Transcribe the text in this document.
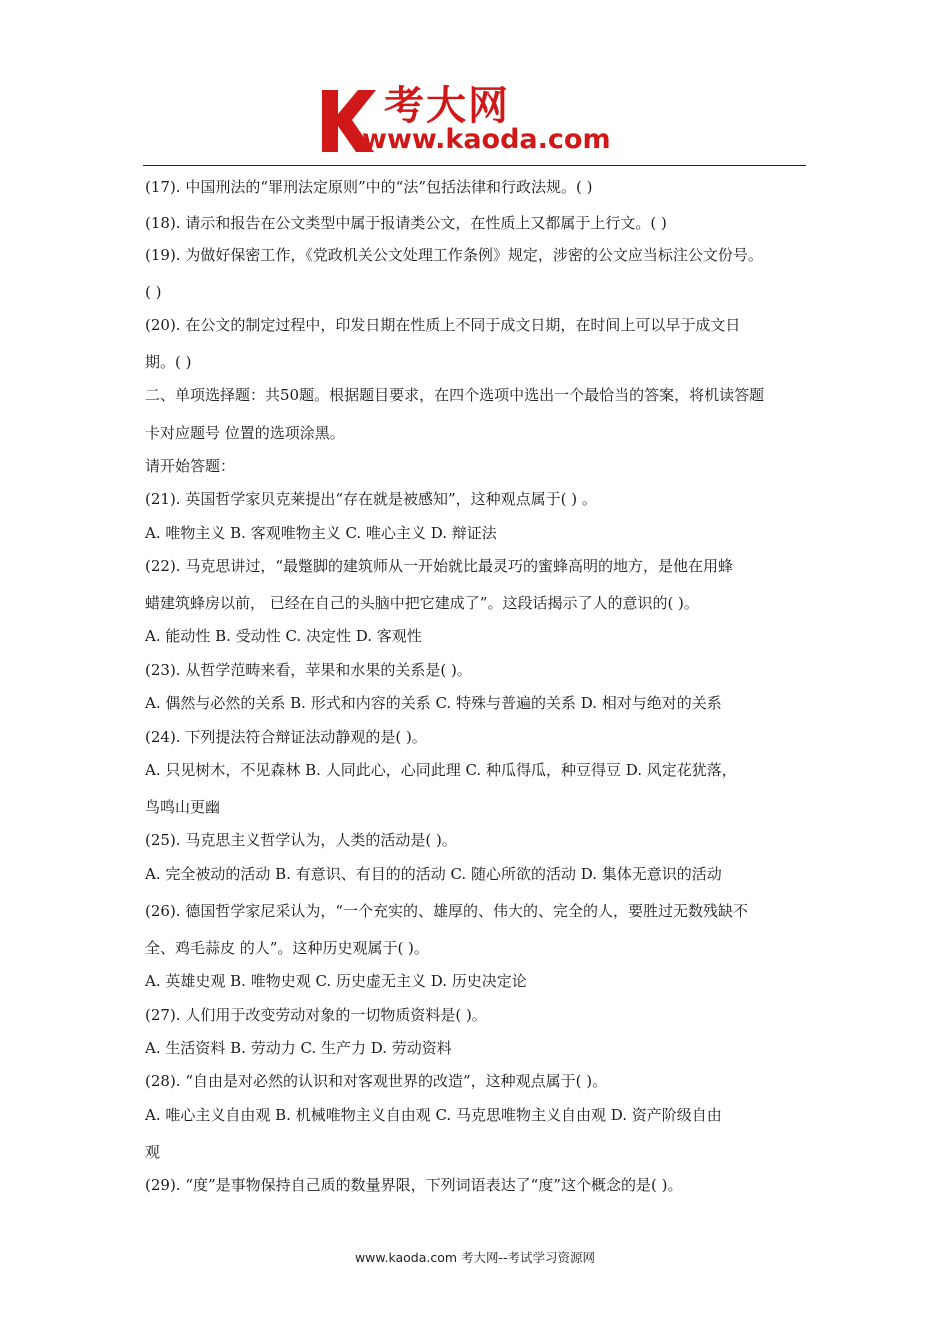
考大网
www.kaoda.com

(17). 中国刑法的“罪刑法定原则”中的“法”包括法律和行政法规。( )

(18). 请示和报告在公文类型中属于报请类公文，在性质上又都属于上行文。( )

(19). 为做好保密工作，《党政机关公文处理工作条例》规定，涉密的公文应当标注公文份号。

( )

(20). 在公文的制定过程中，印发日期在性质上不同于成文日期，在时间上可以早于成文日

期。( )

二、单项选择题：共50题。根据题目要求，在四个选项中选出一个最恰当的答案，将机读答题

卡对应题号 位置的选项涂黑。

请开始答题：

(21). 英国哲学家贝克莱提出“存在就是被感知”，这种观点属于( ) 。

A. 唯物主义 B. 客观唯物主义 C. 唯心主义 D. 辩证法

(22). 马克思讲过，“最蹩脚的建筑师从一开始就比最灵巧的蜜蜂高明的地方，是他在用蜂

蜡建筑蜂房以前， 已经在自己的头脑中把它建成了”。这段话揭示了人的意识的( )。

A. 能动性 B. 受动性 C. 决定性 D. 客观性

(23). 从哲学范畴来看，苹果和水果的关系是( )。

A. 偶然与必然的关系 B. 形式和内容的关系 C. 特殊与普遍的关系 D. 相对与绝对的关系

(24). 下列提法符合辩证法动静观的是( )。

A. 只见树木，不见森林 B. 人同此心，心同此理 C. 种瓜得瓜，种豆得豆 D. 风定花犹落，

鸟鸣山更幽

(25). 马克思主义哲学认为，人类的活动是( )。

A. 完全被动的活动 B. 有意识、有目的的活动 C. 随心所欲的活动 D. 集体无意识的活动

(26). 德国哲学家尼采认为，“一个充实的、雄厚的、伟大的、完全的人，要胜过无数残缺不

全、鸡毛蒜皮 的人”。这种历史观属于( )。

A. 英雄史观 B. 唯物史观 C. 历史虚无主义 D. 历史决定论

(27). 人们用于改变劳动对象的一切物质资料是( )。

A. 生活资料 B. 劳动力 C. 生产力 D. 劳动资料

(28). “自由是对必然的认识和对客观世界的改造”，这种观点属于( )。

A. 唯心主义自由观 B. 机械唯物主义自由观 C. 马克思唯物主义自由观 D. 资产阶级自由

观

(29). “度”是事物保持自己质的数量界限，下列词语表达了“度”这个概念的是( )。

www.kaoda.com 考大网--考试学习资源网
